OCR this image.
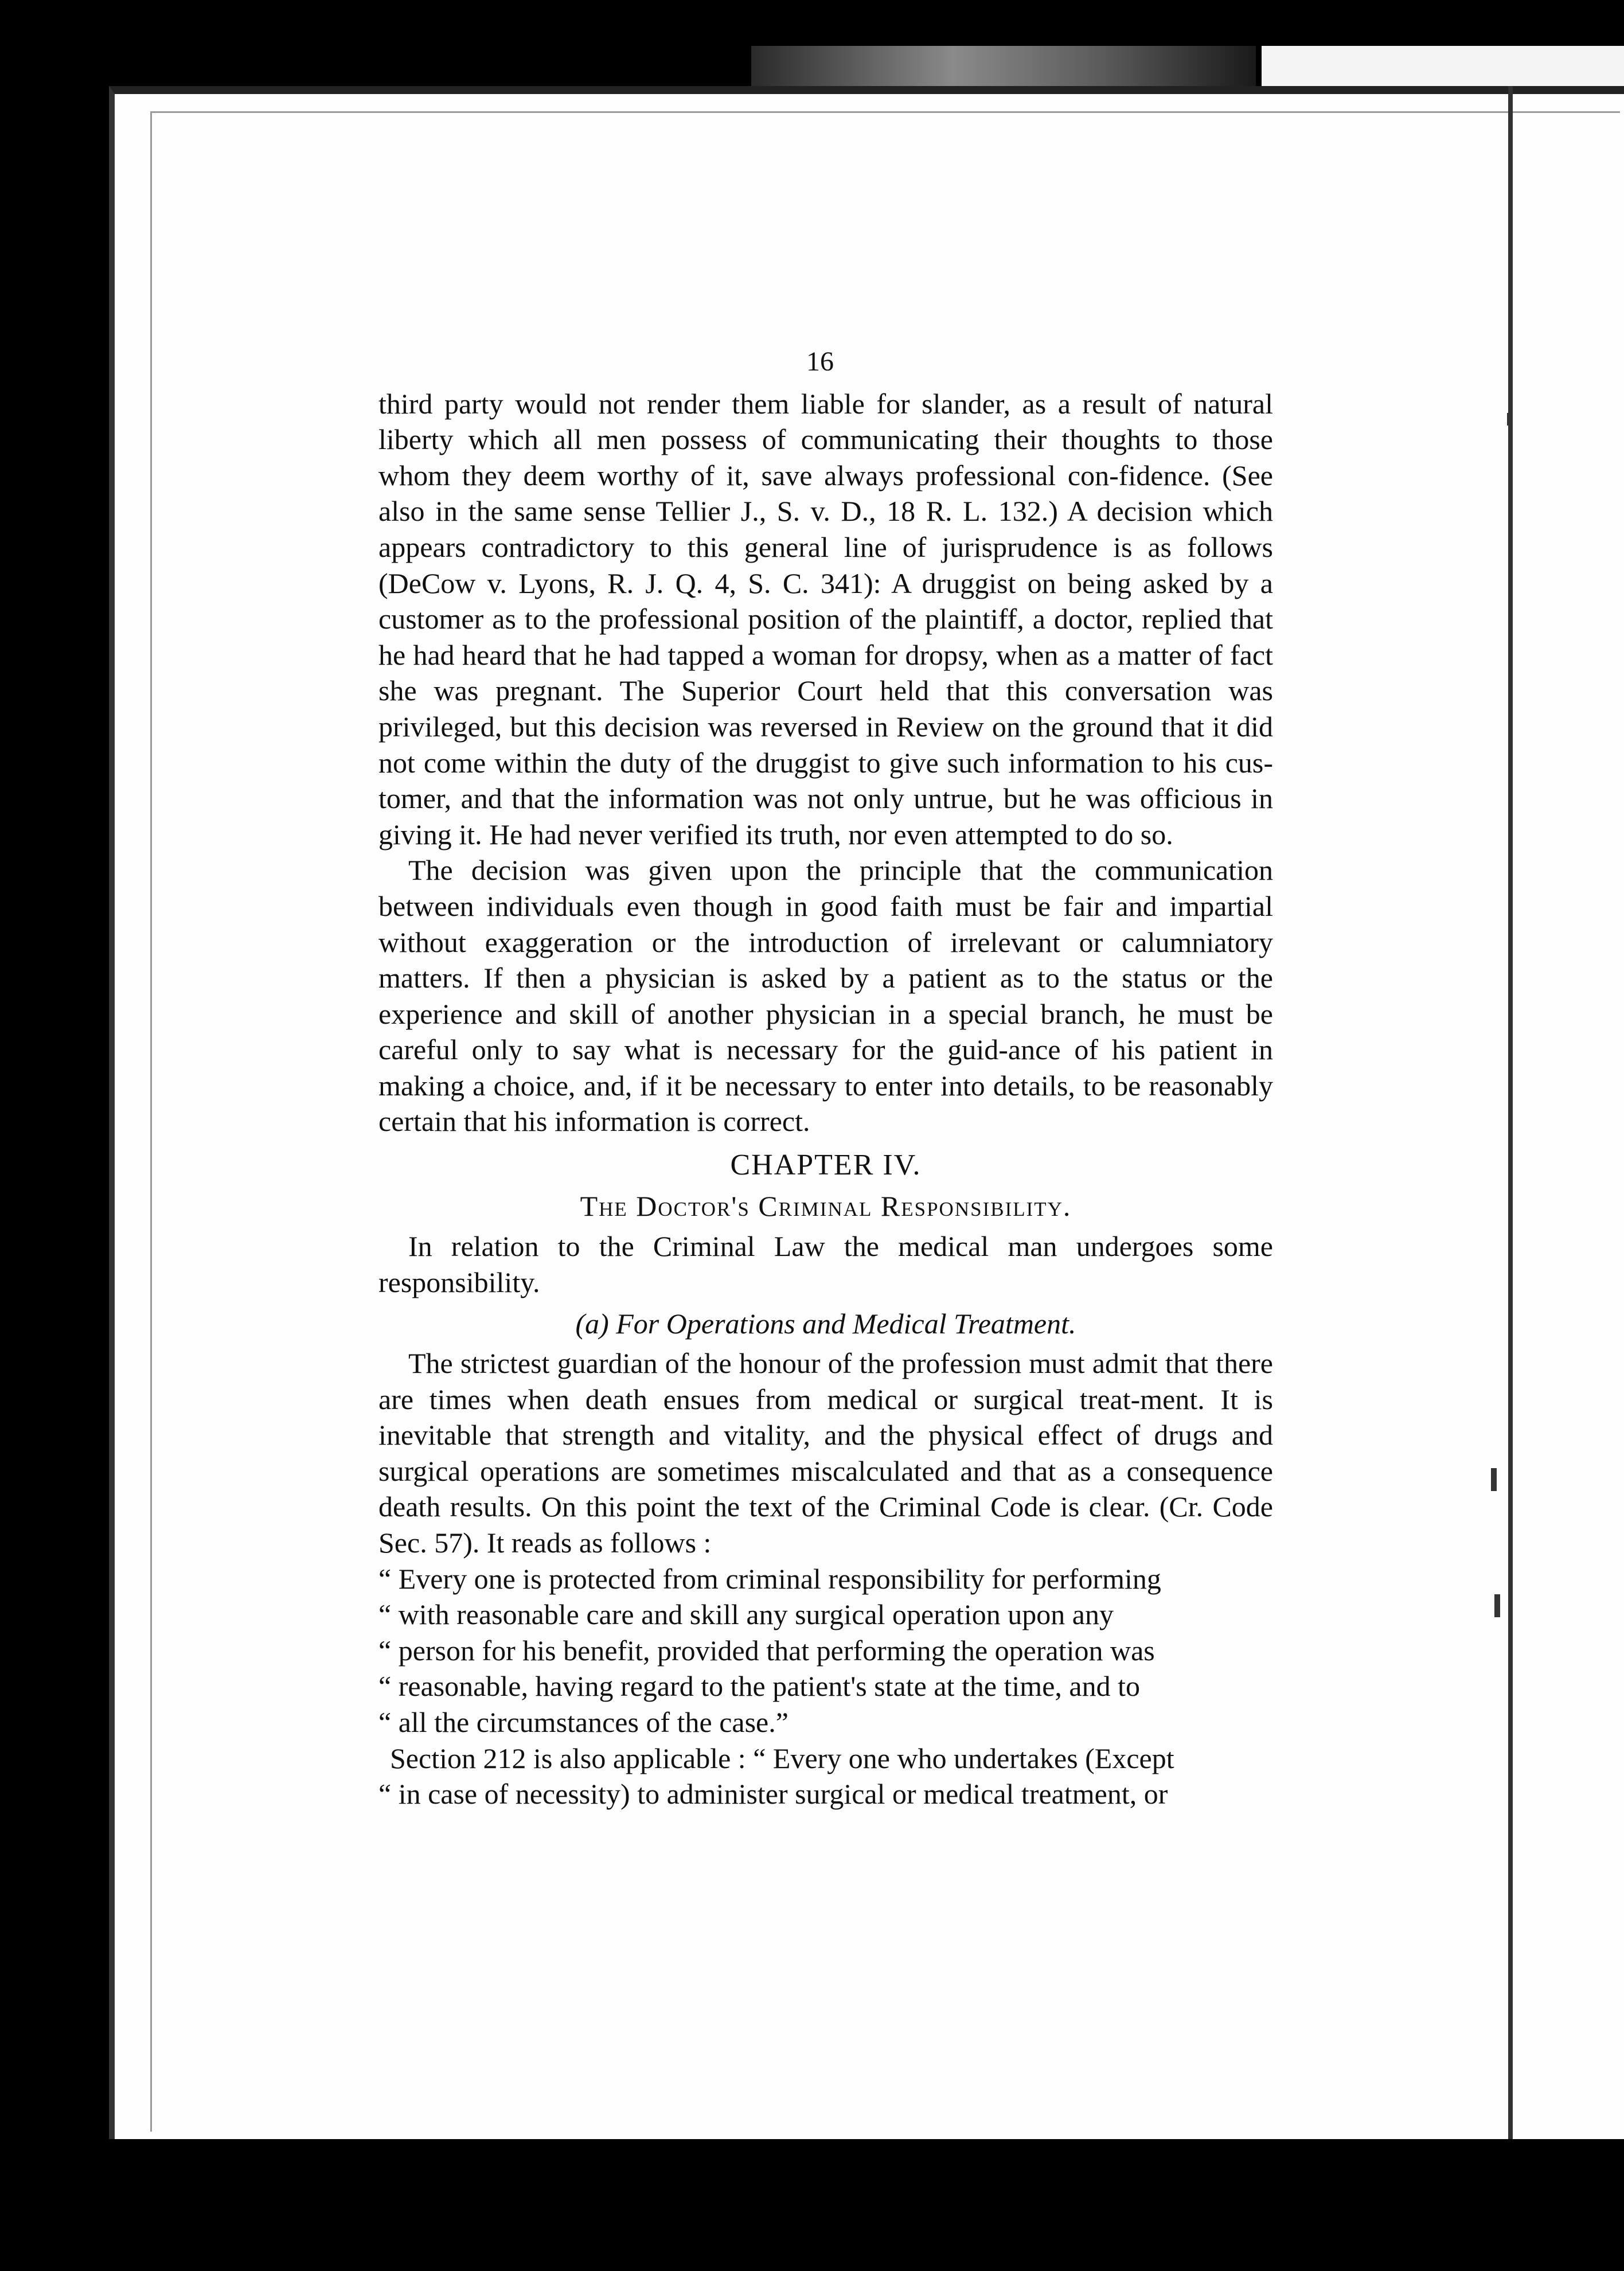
16

third party would not render them liable for slander, as a result of natural liberty which all men possess of communicating their thoughts to those whom they deem worthy of it, save always professional con-fidence. (See also in the same sense Tellier J., S. v. D., 18 R. L. 132.) A decision which appears contradictory to this general line of jurisprudence is as follows (DeCow v. Lyons, R. J. Q. 4, S. C. 341): A druggist on being asked by a customer as to the professional position of the plaintiff, a doctor, replied that he had heard that he had tapped a woman for dropsy, when as a matter of fact she was pregnant. The Superior Court held that this conversation was privileged, but this decision was reversed in Review on the ground that it did not come within the duty of the druggist to give such information to his cus-tomer, and that the information was not only untrue, but he was officious in giving it. He had never verified its truth, nor even attempted to do so.

The decision was given upon the principle that the communication between individuals even though in good faith must be fair and impartial without exaggeration or the introduction of irrelevant or calumniatory matters. If then a physician is asked by a patient as to the status or the experience and skill of another physician in a special branch, he must be careful only to say what is necessary for the guid-ance of his patient in making a choice, and, if it be necessary to enter into details, to be reasonably certain that his information is correct.

CHAPTER IV.
The Doctor's Criminal Responsibility.

In relation to the Criminal Law the medical man undergoes some responsibility.

(a) For Operations and Medical Treatment.

The strictest guardian of the honour of the profession must admit that there are times when death ensues from medical or surgical treat-ment. It is inevitable that strength and vitality, and the physical effect of drugs and surgical operations are sometimes miscalculated and that as a consequence death results. On this point the text of the Criminal Code is clear. (Cr. Code Sec. 57). It reads as follows :

“ Every one is protected from criminal responsibility for performing
“ with reasonable care and skill any surgical operation upon any
“ person for his benefit, provided that performing the operation was
“ reasonable, having regard to the patient's state at the time, and to
“ all the circumstances of the case.”
Section 212 is also applicable : “ Every one who undertakes (Except
“ in case of necessity) to administer surgical or medical treatment, or
